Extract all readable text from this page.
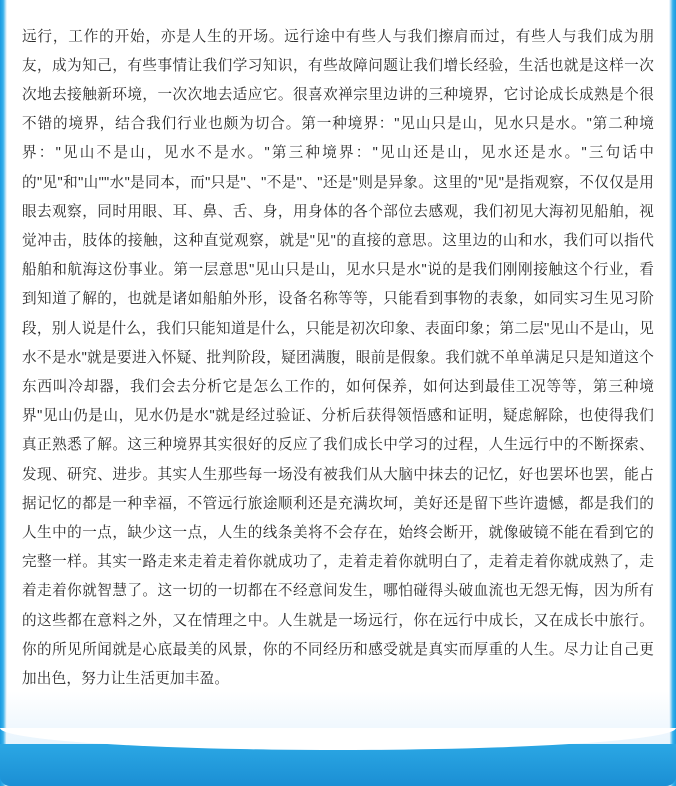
远行，工作的开始，亦是人生的开场。远行途中有些人与我们擦肩而过，有些人与我们成为朋友，成为知己，有些事情让我们学习知识，有些故障问题让我们增长经验，生活也就是这样一次次地去接触新环境，一次次地去适应它。很喜欢禅宗里边讲的三种境界，它讨论成长成熟是个很不错的境界，结合我们行业也颇为切合。第一种境界："见山只是山，见水只是水。"第二种境界："见山不是山，见水不是水。"第三种境界："见山还是山，见水还是水。"三句话中 的"见"和"山""水"是同本，而"只是"、"不是"、"还是"则是异象。这里的"见"是指观察，不仅仅是用眼去观察，同时用眼、耳、鼻、舌、身，用身体的各个部位去感观，我们初见大海初见船舶，视觉冲击，肢体的接触，这种直觉观察，就是"见"的直接的意思。这里边的山和水，我们可以指代船舶和航海这份事业。第一层意思"见山只是山，见水只是水"说的是我们刚刚接触这个行业，看到知道了解的，也就是诸如船舶外形，设备名称等等，只能看到事物的表象，如同实习生见习阶段，别人说是什么，我们只能知道是什么，只能是初次印象、表面印象；第二层"见山不是山，见水不是水"就是要进入怀疑、批判阶段，疑团满腹，眼前是假象。我们就不单单满足只是知道这个东西叫冷却器，我们会去分析它是怎么工作的，如何保养，如何达到最佳工况等等，第三种境界"见山仍是山，见水仍是水"就是经过验证、分析后获得领悟感和证明，疑虑解除，也使得我们真正熟悉了解。这三种境界其实很好的反应了我们成长中学习的过程，人生远行中的不断探索、发现、研究、进步。其实人生那些每一场没有被我们从大脑中抹去的记忆，好也罢坏也罢，能占据记忆的都是一种幸福，不管远行旅途顺利还是充满坎坷，美好还是留下些许遗憾，都是我们的人生中的一点，缺少这一点，人生的线条美将不会存在，始终会断开，就像破镜不能在看到它的完整一样。其实一路走来走着走着你就成功了，走着走着你就明白了，走着走着你就成熟了，走着走着你就智慧了。这一切的一切都在不经意间发生，哪怕碰得头破血流也无怨无悔，因为所有的这些都在意料之外，又在情理之中。人生就是一场远行，你在远行中成长，又在成长中旅行。你的所见所闻就是心底最美的风景，你的不同经历和感受就是真实而厚重的人生。尽力让自己更加出色，努力让生活更加丰盈。
